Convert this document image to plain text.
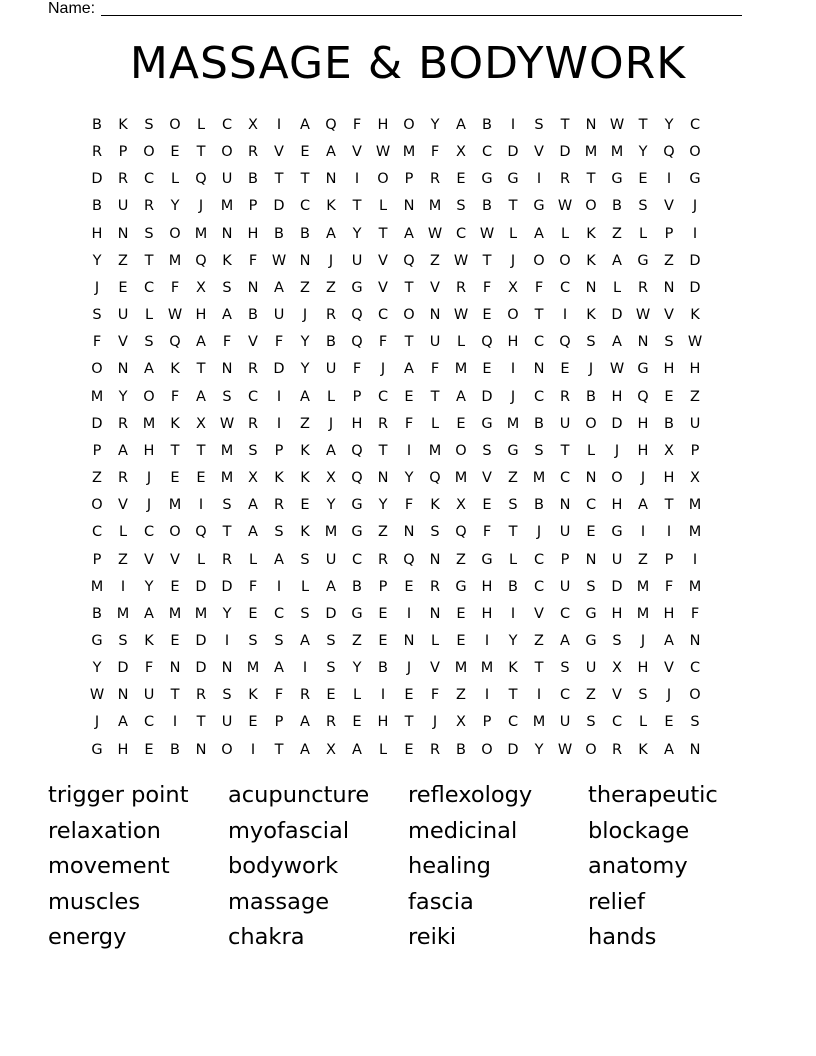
Name:
MASSAGE & BODYWORK
B	K	S	O	L	C	X	I	A	Q	F	H	O	Y	A	B	I	S	T	N W T	Y	C
R	P	O	E	T	O	R	V	E	A	V W M	F	X	C	D	V	D M M	Y	Q	O
D	R	C	L	Q	U	B	T	T	N	I	O	P	R	E	G	G	I	R	T	G	E	I	G
B	U	R	Y	J	M	P	D	C	K	T	L	N M	S	B	T	G W O	B	S	V	J
H	N	S	O M N	H	B	B	A	Y	T	A W C W	L	A	L	K	Z	L	P	I
Y	Z	T	M Q	K	F	W N	J	U	V	Q	Z W T	J	O	O	K	A	G	Z	D
J	E	C	F	X	S	N	A	Z	Z	G	V	T	V	R	F	X	F	C	N	L	R	N	D
S	U	L	W H	A	B	U	J	R	Q	C	O	N W E	O	T	I	K	D W V	K
F	V	S	Q	A	F	V	F	Y	B	Q	F	T	U	L	Q	H	C	Q	S	A	N	S W
O	N	A	K	T	N	R	D	Y	U	F	J	A	F	M	E	I	N	E	J	W G	H	H
M	Y	O	F	A	S	C	I	A	L	P	C	E	T	A	D	J	C	R	B	H	Q	E	Z
D	R	M	K	X W R	I	Z	J	H	R	F	L	E	G M	B	U	O	D	H	B	U
P	A	H	T	T	M	S	P	K	A	Q	T	I	M O	S	G	S	T	L	J	H	X	P
Z	R	J	E	E	M	X	K	K	X	Q	N	Y	Q M	V	Z	M	C	N	O	J	H	X
O	V	J	M	I	S	A	R	E	Y	G	Y	F	K	X	E	S	B	N	C	H	A	T	M
C	L	C	O	Q	T	A	S	K	M G	Z	N	S	Q	F	T	J	U	E	G	I	I	M
P	Z	V	V	L	R	L	A	S	U	C	R	Q	N	Z	G	L	C	P	N	U	Z	P	I
M	I	Y	E	D	D	F	I	L	A	B	P	E	R	G	H	B	C	U	S	D M	F	M
B	M	A	M M	Y	E	C	S	D	G	E	I	N	E	H	I	V	C	G	H M H	F
G	S	K	E	D	I	S	S	A	S	Z	E	N	L	E	I	Y	Z	A	G	S	J	A	N
Y	D	F	N	D	N M	A	I	S	Y	B	J	V	M M	K	T	S	U	X	H	V	C
W N	U	T	R	S	K	F	R	E	L	I	E	F	Z	I	T	I	C	Z	V	S	J	O
J	A	C	I	T	U	E	P	A	R	E	H	T	J	X	P	C	M U	S	C	L	E	S
G	H	E	B	N	O	I	T	A	X	A	L	E	R	B	O	D	Y W O	R	K	A	N
trigger point	acupuncture	reflexology	therapeutic
relaxation	myofascial	medicinal	blockage
movement	bodywork	healing	anatomy
muscles	massage	fascia	relief
energy	chakra	reiki	hands
